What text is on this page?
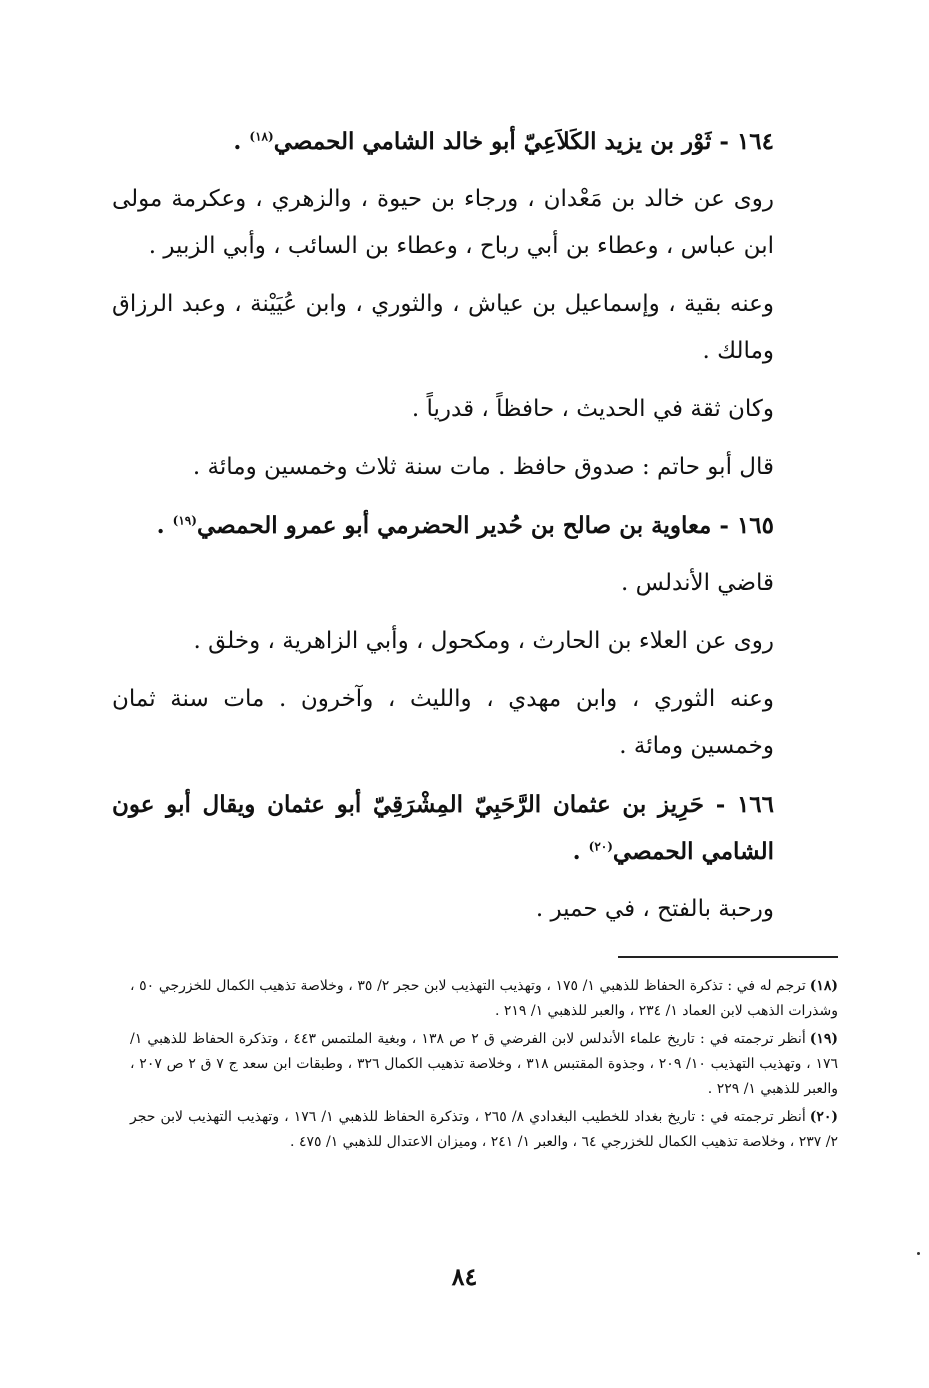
١٦٤ - ثَوْر بن يزيد الكَلاَعِيّ أبو خالد الشامي الحمصي$^{(١٨)}$ .
روى عن خالد بن مَعْدان ، ورجاء بن حيوة ، والزهري ، وعكرمة مولى ابن عباس ، وعطاء بن أبي رباح ، وعطاء بن السائب ، وأبي الزبير .
وعنه بقية ، وإسماعيل بن عياش ، والثوري ، وابن عُيَيْنة ، وعبد الرزاق ومالك .
وكان ثقة في الحديث ، حافظاً ، قدرياً .
قال أبو حاتم : صدوق حافظ . مات سنة ثلاث وخمسين ومائة .
١٦٥ - معاوية بن صالح بن حُدير الحضرمي أبو عمرو الحمصي$^{(١٩)}$ .
قاضي الأندلس .
روى عن العلاء بن الحارث ، ومكحول ، وأبي الزاهرية ، وخلق .
وعنه الثوري ، وابن مهدي ، والليث ، وآخرون . مات سنة ثمان وخمسين ومائة .
١٦٦ - حَرِيز بن عثمان الرَّحَبِيّ المِشْرَقِيّ أبو عثمان ويقال أبو عون الشامي الحمصي$^{(٢٠)}$ .
ورحبة بالفتح ، في حمير .
(١٨)ترجم له في : تذكرة الحفاظ للذهبي ١/ ١٧٥ ، وتهذيب التهذيب لابن حجر ٢/ ٣٥ ، وخلاصة تذهيب الكمال للخزرجي ٥٠ ، وشذرات الذهب لابن العماد ١/ ٢٣٤ ، والعبر للذهبي ١/ ٢١٩ .
(١٩)أنظر ترجمته في : تاريخ علماء الأندلس لابن الفرضي ق ٢ ص ١٣٨ ، وبغية الملتمس ٤٤٣ ، وتذكرة الحفاظ للذهبي ١/ ١٧٦ ، وتهذيب التهذيب ١٠/ ٢٠٩ ، وجذوة المقتبس ٣١٨ ، وخلاصة تذهيب الكمال ٣٢٦ ، وطبقات ابن سعد ج ٧ ق ٢ ص ٢٠٧ ، والعبر للذهبي ١/ ٢٢٩ .
(٢٠)أنظر ترجمته في : تاريخ بغداد للخطيب البغدادي ٨/ ٢٦٥ ، وتذكرة الحفاظ للذهبي ١/ ١٧٦ ، وتهذيب التهذيب لابن حجر ٢/ ٢٣٧ ، وخلاصة تذهيب الكمال للخزرجي ٦٤ ، والعبر ١/ ٢٤١ ، وميزان الاعتدال للذهبي ١/ ٤٧٥ .
٨٤
